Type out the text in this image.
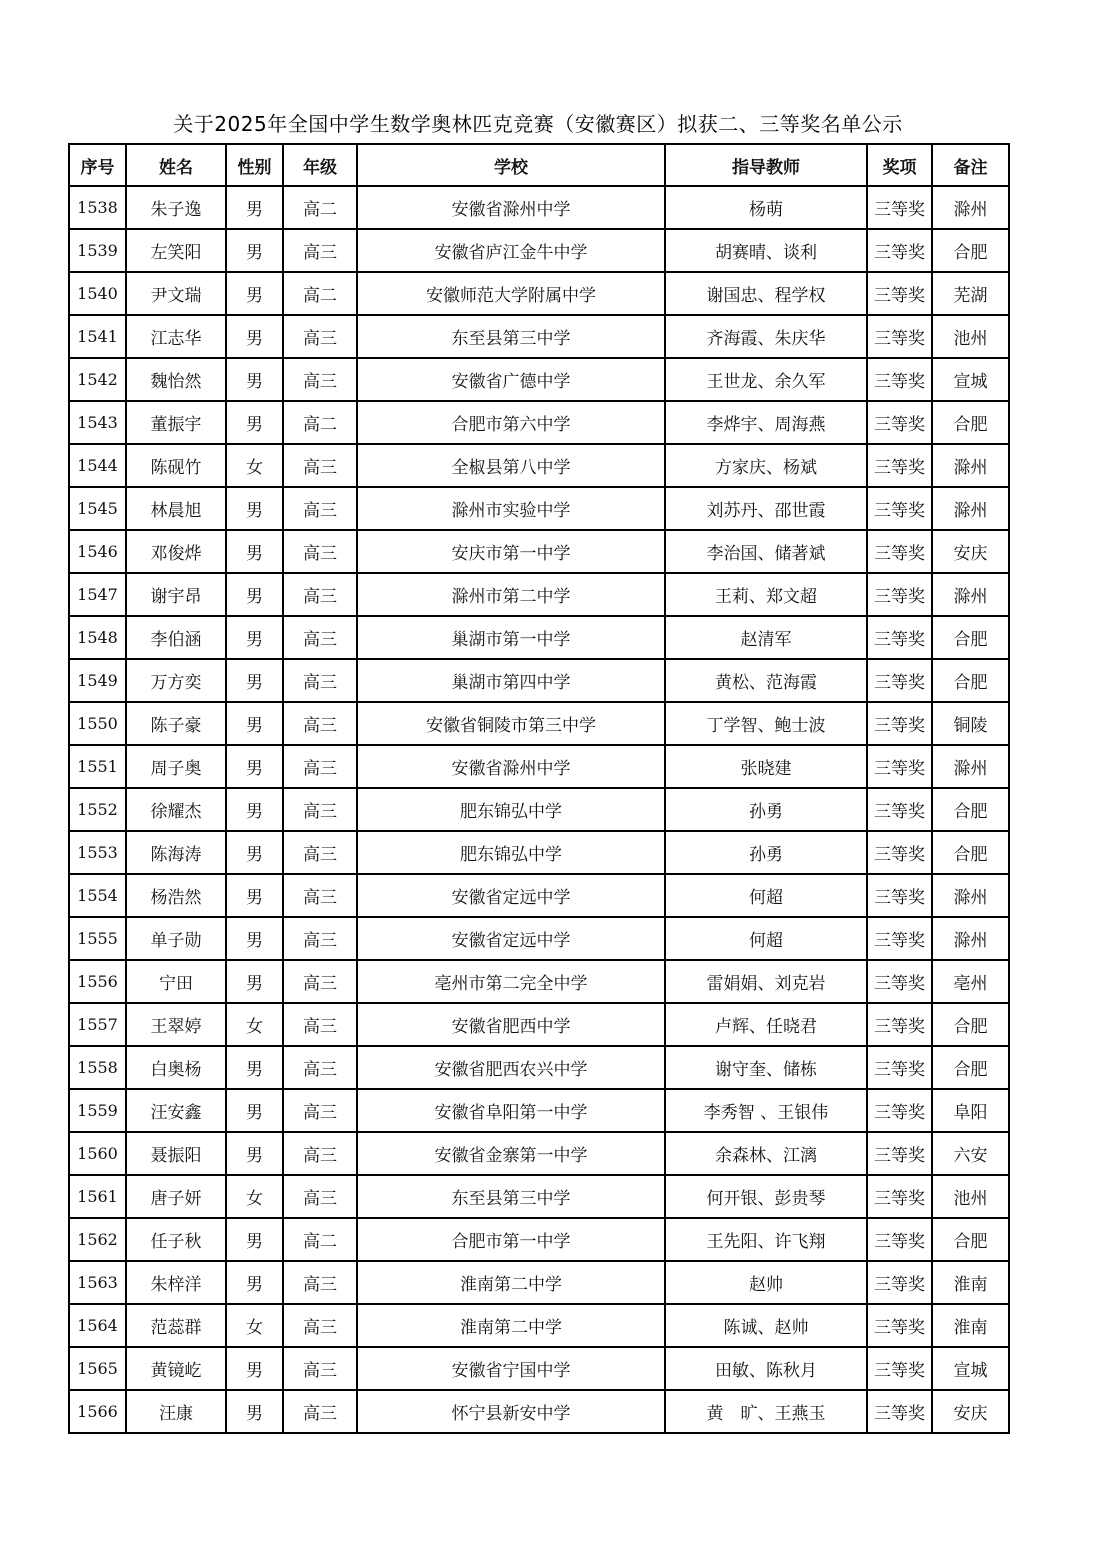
关于2025年全国中学生数学奥林匹克竞赛（安徽赛区）拟获二、三等奖名单公示
序号	姓名	性别	年级	学校	指导教师	奖项	备注
1538	朱子逸	男	高二	安徽省滁州中学	杨萌	三等奖	滁州
1539	左笑阳	男	高三	安徽省庐江金牛中学	胡赛晴、谈利	三等奖	合肥
1540	尹文瑞	男	高二	安徽师范大学附属中学	谢国忠、程学权	三等奖	芜湖
1541	江志华	男	高三	东至县第三中学	齐海霞、朱庆华	三等奖	池州
1542	魏怡然	男	高三	安徽省广德中学	王世龙、余久军	三等奖	宣城
1543	董振宇	男	高二	合肥市第六中学	李烨宇、周海燕	三等奖	合肥
1544	陈砚竹	女	高三	全椒县第八中学	方家庆、杨斌	三等奖	滁州
1545	林晨旭	男	高三	滁州市实验中学	刘苏丹、邵世霞	三等奖	滁州
1546	邓俊烨	男	高三	安庆市第一中学	李治国、储著斌	三等奖	安庆
1547	谢宇昂	男	高三	滁州市第二中学	王莉、郑文超	三等奖	滁州
1548	李伯涵	男	高三	巢湖市第一中学	赵清军	三等奖	合肥
1549	万方奕	男	高三	巢湖市第四中学	黄松、范海霞	三等奖	合肥
1550	陈子豪	男	高三	安徽省铜陵市第三中学	丁学智、鲍士波	三等奖	铜陵
1551	周子奥	男	高三	安徽省滁州中学	张晓建	三等奖	滁州
1552	徐耀杰	男	高三	肥东锦弘中学	孙勇	三等奖	合肥
1553	陈海涛	男	高三	肥东锦弘中学	孙勇	三等奖	合肥
1554	杨浩然	男	高三	安徽省定远中学	何超	三等奖	滁州
1555	单子勋	男	高三	安徽省定远中学	何超	三等奖	滁州
1556	宁田	男	高三	亳州市第二完全中学	雷娟娟、刘克岩	三等奖	亳州
1557	王翠婷	女	高三	安徽省肥西中学	卢辉、任晓君	三等奖	合肥
1558	白奥杨	男	高三	安徽省肥西农兴中学	谢守奎、储栋	三等奖	合肥
1559	汪安鑫	男	高三	安徽省阜阳第一中学	李秀智 、王银伟	三等奖	阜阳
1560	聂振阳	男	高三	安徽省金寨第一中学	余森林、江漓	三等奖	六安
1561	唐子妍	女	高三	东至县第三中学	何开银、彭贵琴	三等奖	池州
1562	任子秋	男	高二	合肥市第一中学	王先阳、许飞翔	三等奖	合肥
1563	朱梓洋	男	高三	淮南第二中学	赵帅	三等奖	淮南
1564	范蕊群	女	高三	淮南第二中学	陈诚、赵帅	三等奖	淮南
1565	黄镜屹	男	高三	安徽省宁国中学	田敏、陈秋月	三等奖	宣城
1566	汪康	男	高三	怀宁县新安中学	黄　旷、王燕玉	三等奖	安庆
